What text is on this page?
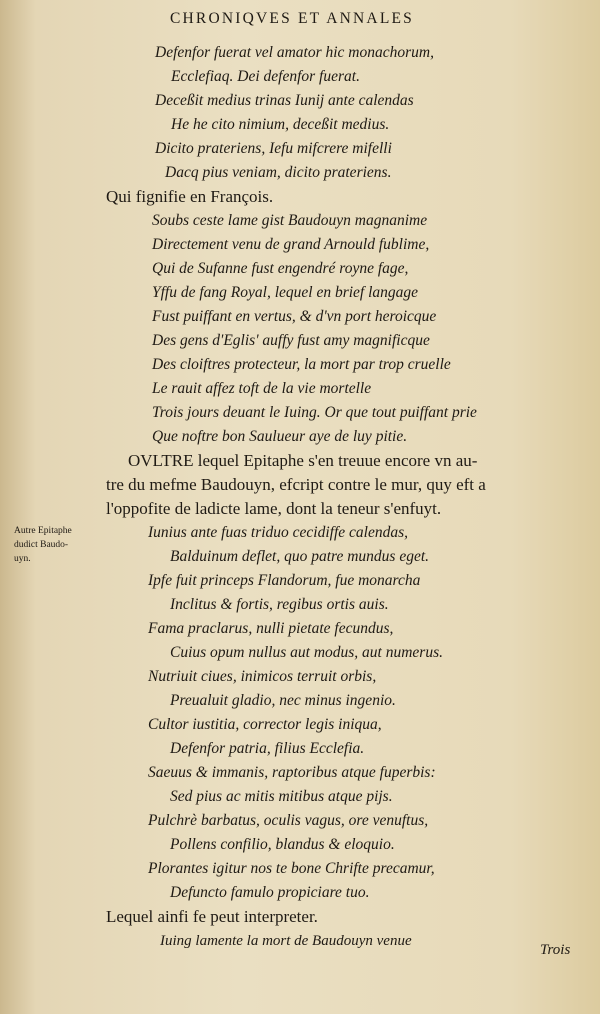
CHRONIQVES ET ANNALES
Defenfor fuerat vel amator hic monachorum,
Ecclefiaq. Dei defenfor fuerat.
Deceßit medius trinas Iunij ante calendas
He he cito nimium, deceßit medius.
Dicito prateriens, Iefu mifcrere mifelli
Dacq pius veniam, dicito prateriens.
Qui fignifie en François.
Soubs ceste lame gist Baudouyn magnanime
Directement venu de grand Arnould fublime,
Qui de Sufanne fust engendré royne fage,
Yffu de fang Royal, lequel en brief langage
Fust puiffant en vertus, & d'vn port heroicque
Des gens d'Eglis' auffy fust amy magnificque
Des cloiftres protecteur, la mort par trop cruelle
Le rauit affez toft de la vie mortelle
Trois jours deuant le Iuing. Or que tout puiffant prie
Que noftre bon Saulueur aye de luy pitie.
OVLTRE lequel Epitaphe s'en treuue encore vn au-
tre du mefme Baudouyn, efcript contre le mur, quy eft a
l'oppofite de ladicte lame, dont la teneur s'enfuyt.
Iunius ante fuas triduo cecidiffe calendas,
Balduinum deflet, quo patre mundus eget.
Ipfe fuit princeps Flandorum, fue monarcha
Inclitus & fortis, regibus ortis auis.
Fama praclarus, nulli pietate fecundus,
Cuius opum nullus aut modus, aut numerus.
Nutriuit ciues, inimicos terruit orbis,
Preualuit gladio, nec minus ingenio.
Cultor iustitia, corrector legis iniqua,
Defenfor patria, filius Ecclefia.
Saeuus & immanis, raptoribus atque fuperbis:
Sed pius ac mitis mitibus atque pijs.
Pulchrè barbatus, oculis vagus, ore venuftus,
Pollens confilio, blandus & eloquio.
Plorantes igitur nos te bone Chrifte precamur,
Defuncto famulo propiciare tuo.
Lequel ainfi fe peut interpreter.
Iuing lamente la mort de Baudouyn venue
Autre Epitaphe
dudict Baudo-
uyn.
Trois
